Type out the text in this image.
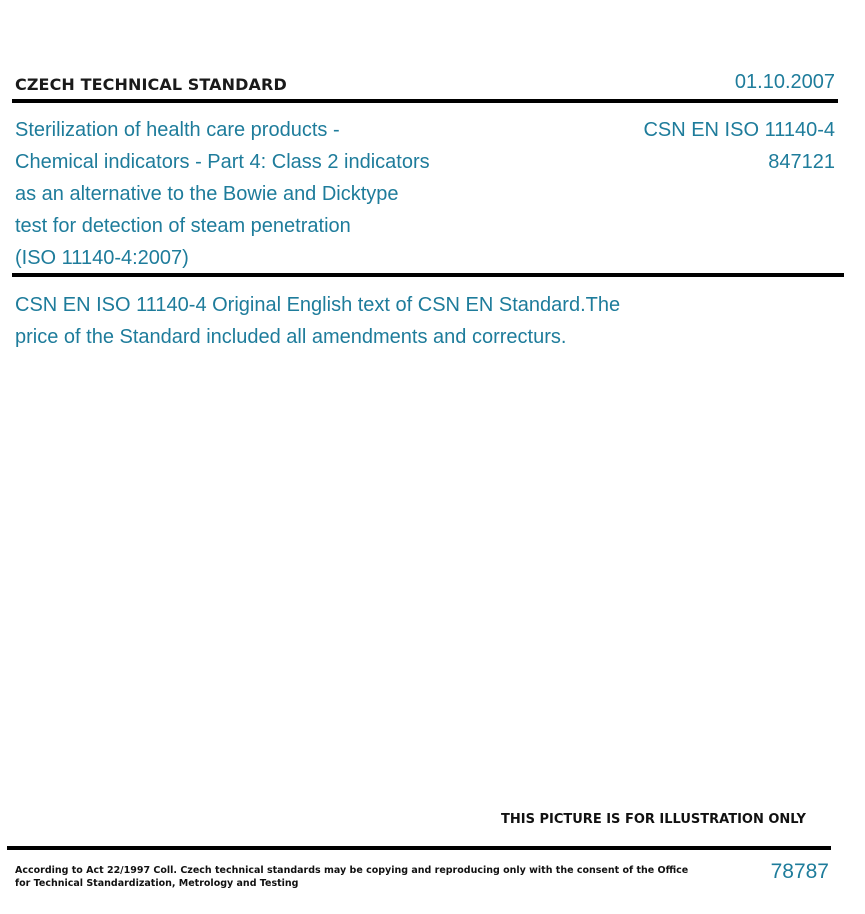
CZECH TECHNICAL STANDARD	01.10.2007
Sterilization of health care products -
Chemical indicators - Part 4: Class 2 indicators
as an alternative to the Bowie and Dicktype
test for detection of steam penetration
(ISO 11140-4:2007)
CSN EN ISO 11140-4
847121
CSN EN ISO 11140-4 Original English text of CSN EN Standard.The
price of the Standard included all amendments and correcturs.
THIS PICTURE IS FOR ILLUSTRATION ONLY
According to Act 22/1997 Coll. Czech technical standards may be copying and reproducing only with the consent of the Office
for Technical Standardization, Metrology and Testing
78787
